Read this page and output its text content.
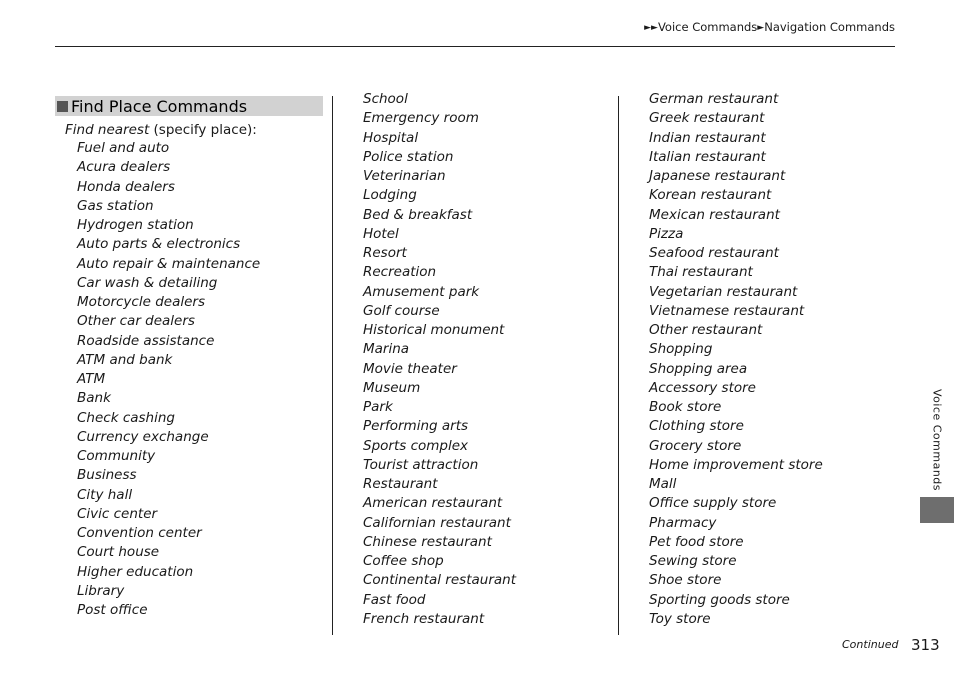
►►Voice Commands►Navigation Commands
Find Place Commands
Find nearest (specify place):
Fuel and auto
Acura dealers
Honda dealers
Gas station
Hydrogen station
Auto parts & electronics
Auto repair & maintenance
Car wash & detailing
Motorcycle dealers
Other car dealers
Roadside assistance
ATM and bank
ATM
Bank
Check cashing
Currency exchange
Community
Business
City hall
Civic center
Convention center
Court house
Higher education
Library
Post office
School
Emergency room
Hospital
Police station
Veterinarian
Lodging
Bed & breakfast
Hotel
Resort
Recreation
Amusement park
Golf course
Historical monument
Marina
Movie theater
Museum
Park
Performing arts
Sports complex
Tourist attraction
Restaurant
American restaurant
Californian restaurant
Chinese restaurant
Coffee shop
Continental restaurant
Fast food
French restaurant
German restaurant
Greek restaurant
Indian restaurant
Italian restaurant
Japanese restaurant
Korean restaurant
Mexican restaurant
Pizza
Seafood restaurant
Thai restaurant
Vegetarian restaurant
Vietnamese restaurant
Other restaurant
Shopping
Shopping area
Accessory store
Book store
Clothing store
Grocery store
Home improvement store
Mall
Office supply store
Pharmacy
Pet food store
Sewing store
Shoe store
Sporting goods store
Toy store
Voice Commands
Continued 313
